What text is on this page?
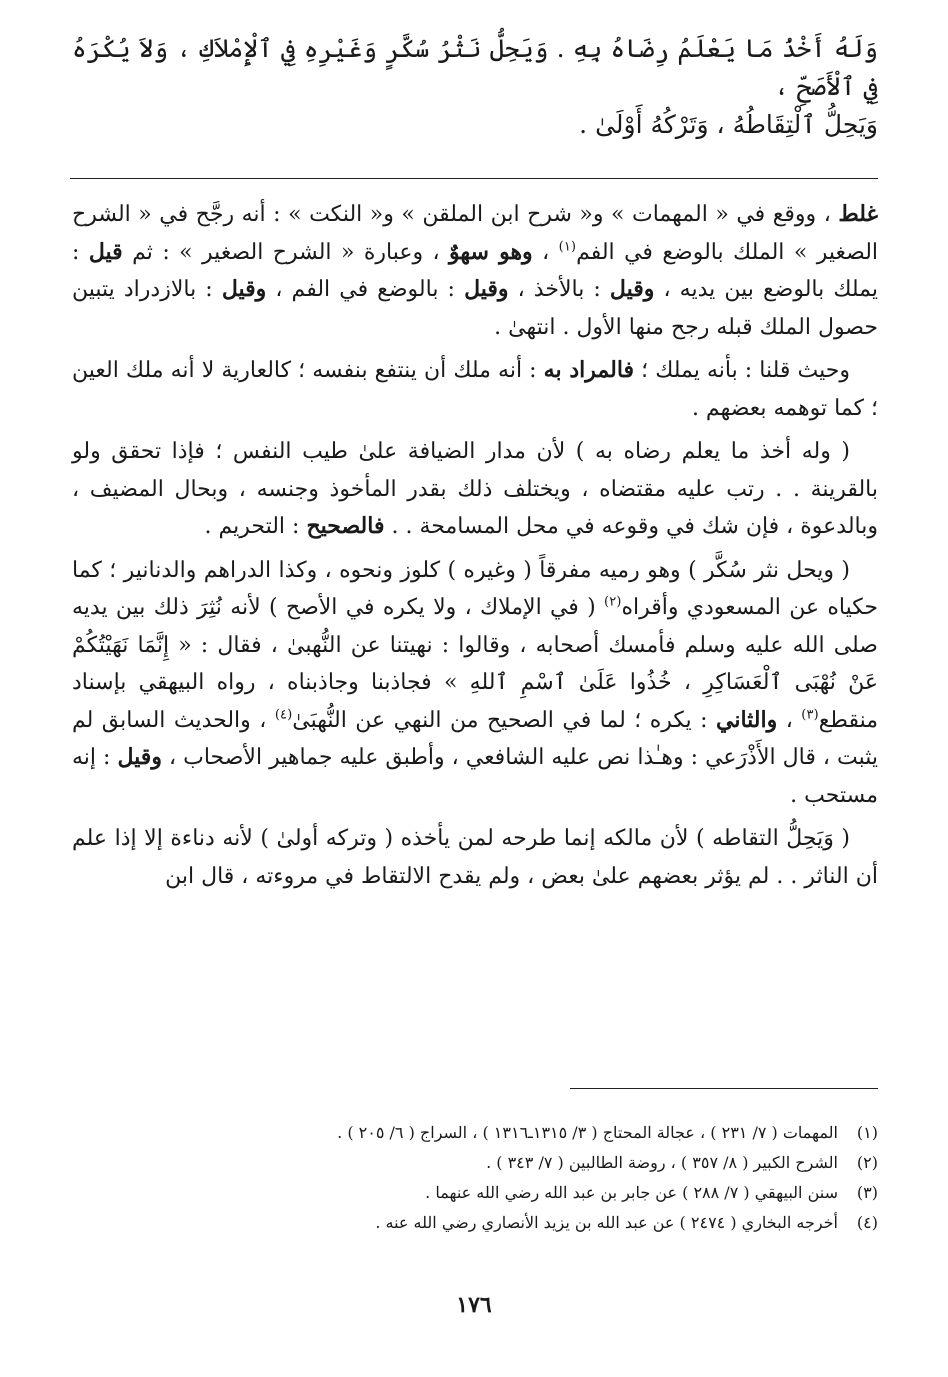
وَلَهُ أَخْذُ مَا يَعْلَمُ رِضَاهُ بِهِ . وَيَحِلُّ نَثْرُ سُكَّرٍ وَغَيْرِهِ فِي ٱلْإِمْلاَكِ ، وَلاَ يُكْرَهُ فِي ٱلْأَصَحِّ ،

وَيَحِلُّ ٱلْتِقَاطُهُ ، وَتَرْكُهُ أَوْلَىٰ .

غلط ، ووقع في « المهمات » و« شرح ابن الملقن » و« النكت » : أنه رجَّح في « الشرح الصغير » الملك بالوضع في الفم$^{(١)}$ ، وهو سهوٌ ، وعبارة « الشرح الصغير » : ثم قيل : يملك بالوضع بين يديه ، وقيل : بالأخذ ، وقيل : بالوضع في الفم ، وقيل : بالازدراد يتبين حصول الملك قبله رجح منها الأول . انتهىٰ .

وحيث قلنا : بأنه يملك ؛ فالمراد به : أنه ملك أن ينتفع بنفسه ؛ كالعارية لا أنه ملك العين ؛ كما توهمه بعضهم .

( وله أخذ ما يعلم رضاه به ) لأن مدار الضيافة علىٰ طيب النفس ؛ فإذا تحقق ولو بالقرينة . . رتب عليه مقتضاه ، ويختلف ذلك بقدر المأخوذ وجنسه ، وبحال المضيف ، وبالدعوة ، فإن شك في وقوعه في محل المسامحة . . فالصحيح : التحريم .

( ويحل نثر سُكَّر ) وهو رميه مفرقاً ( وغيره ) كلوز ونحوه ، وكذا الدراهم والدنانير ؛ كما حكياه عن المسعودي وأقراه$^{(٢)}$ ( في الإملاك ، ولا يكره في الأصح ) لأنه نُثِرَ ذلك بين يديه صلى الله عليه وسلم فأمسك أصحابه ، وقالوا : نهيتنا عن النُّهبىٰ ، فقال : « إِنَّمَا نَهَيْتُكُمْ عَنْ نُهْبَى ٱلْعَسَاكِرِ ، خُذُوا عَلَىٰ ٱسْمِ ٱللهِ » فجاذبنا وجاذبناه ، رواه البيهقي بإسناد منقطع$^{(٣)}$ ، والثاني : يكره ؛ لما في الصحيح من النهي عن النُّهبَىٰ$^{(٤)}$ ، والحديث السابق لم يثبت ، قال الأَذْرَعي : وهـٰذا نص عليه الشافعي ، وأطبق عليه جماهير الأصحاب ، وقيل : إنه مستحب .

( وَيَحِلُّ التقاطه ) لأن مالكه إنما طرحه لمن يأخذه ( وتركه أولىٰ ) لأنه دناءة إلا إذا علم أن الناثر . . لم يؤثر بعضهم علىٰ بعض ، ولم يقدح الالتقاط في مروءته ، قال ابن

(١)
المهمات ( ٧/ ٢٣١ ) ، عجالة المحتاج ( ٣/ ١٣١٥ـ١٣١٦ ) ، السراج ( ٦/ ٢٠٥ ) .
(٢)
الشرح الكبير ( ٨/ ٣٥٧ ) ، روضة الطالبين ( ٧/ ٣٤٣ ) .
(٣)
سنن البيهقي ( ٧/ ٢٨٨ ) عن جابر بن عبد الله رضي الله عنهما .
(٤)
أخرجه البخاري ( ٢٤٧٤ ) عن عبد الله بن يزيد الأنصاري رضي الله عنه .
١٧٦
